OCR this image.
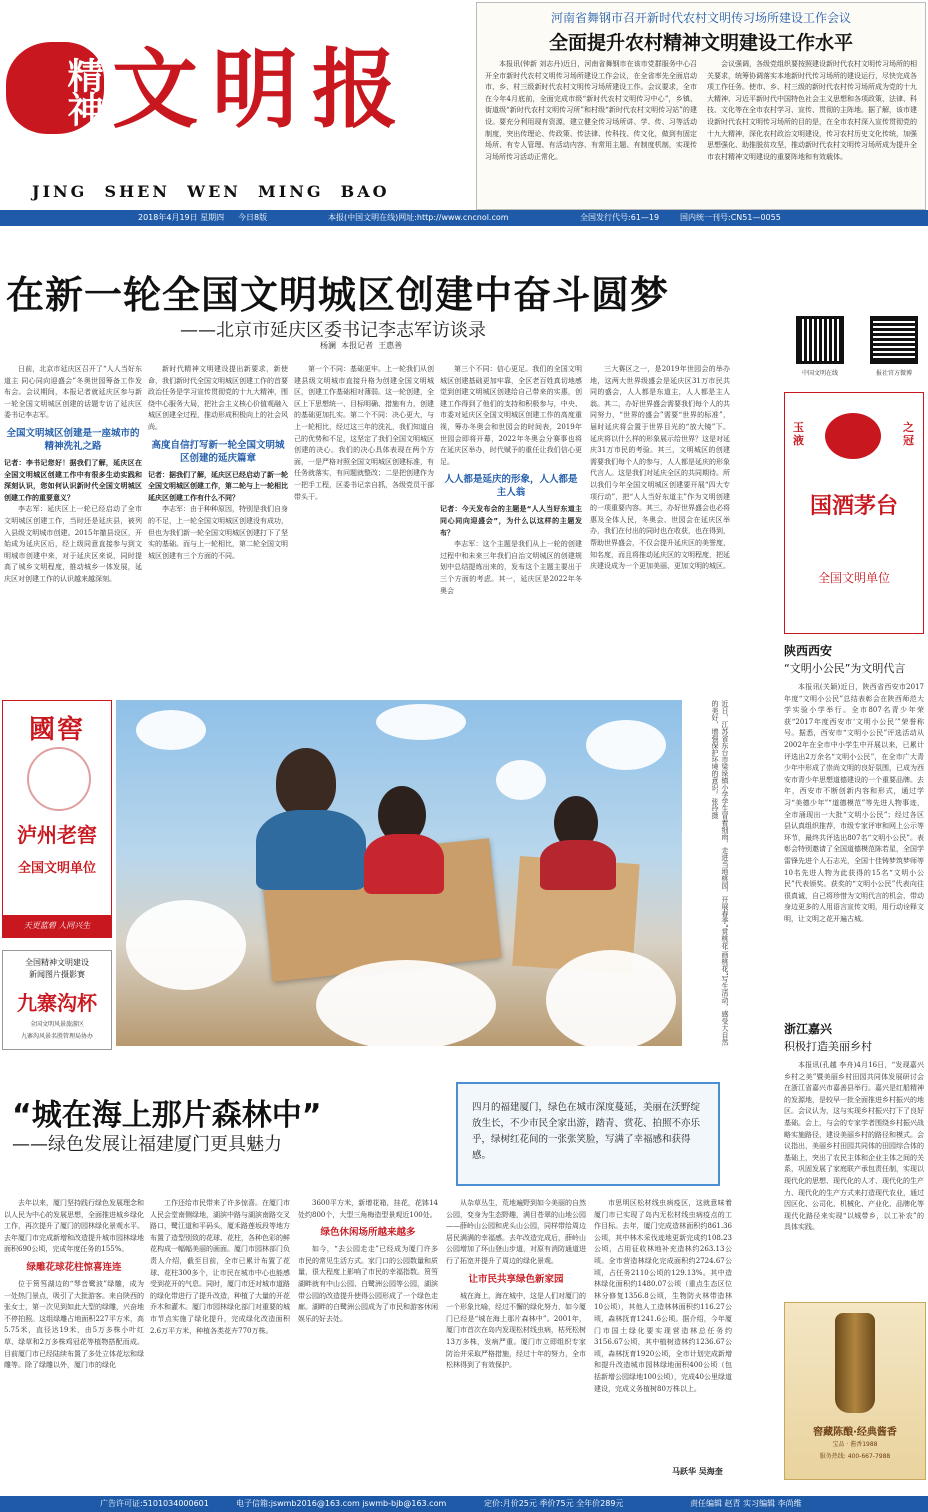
精神 文明报
JING  SHEN  WEN  MING  BAO
河南省舞钢市召开新时代农村文明传习场所建设工作会议
全面提升农村精神文明建设工作水平
本报讯(钟新 刘志丹)近日，河南省舞钢市在该市党群服务中心召开全市新时代农村文明传习场所建设工作会议，在全省率先全面启动市、乡、村三级新时代农村文明传习场所建设工作。会议要求，全市在今年4月底前，全面完成市级“新时代农村文明传习中心”，乡镇、街道级“新时代农村文明传习所”和村级“新时代农村文明传习站”的建设。要充分利用现有资源，建立健全传习场所讲、学、传、习等活动制度，突出传理论、传政策、传法律、传科技、传文化，做到有固定场所、有专人管理、有活动内容、有常用主题、有制度机制，实现传习场所传习活动正常化。
会议强调，各级党组织要按照建设新时代农村文明传习场所的相关要求，统筹协调落实本地新时代传习场所的建设运行，尽快完成各项工作任务。使市、乡、村三级的新时代农村传习场所成为党的十九大精神、习近平新时代中国特色社会主义思想和各项政策、法律、科技、文化等在全市农村学习、宣传、贯彻的主阵地。据了解，该市建设新时代农村文明传习场所的目的是，在全市农村深入宣传贯彻党的十九大精神，深化农村政治文明建设，传习农村历史文化传统，加强思想强化、助推脱贫攻坚，推动新时代农村文明传习场所成为提升全市农村精神文明建设的重要阵地和有效载体。
2018年4月19日 星期四 今日8版	本报(中国文明在线)网址:http://www.cncnol.com	全国发行代号:61—19	国内统一刊号:CN51—0055
在新一轮全国文明城区创建中奋斗圆梦
——北京市延庆区委书记李志军访谈录
杨澜  本报记者  王惠善
中国文明在线	报社官方微博

日前，北京市延庆区召开了“人人当好东道主 同心同向迎盛会”冬奥世园筹备工作发布会。会议期间，本报记者就延庆区参与新一轮全国文明城区创建的话题专访了延庆区委书记李志军。

全国文明城区创建是一座城市的精神洗礼之路
记者：李书记您好！据我们了解，延庆区在全国文明城区创建工作中有很多生动实践和深刻认识，您如何认识新时代全国文明城区创建工作的重要意义？

李志军：延庆区上一轮已经启动了全市文明城区创建工作，当时还是延庆县，被列入县级文明城市创建。2015年撤县设区，开始成为延庆区后，经上级同意直接参与到文明城市创建中来，对于延庆区来说，同时提高了城乡文明程度，推动城乡一体发展，延庆区对创建工作的认识越来越深刻。

新时代精神文明建设提出新要求，新使命，我们新时代全国文明城区创建工作的首要政治任务是学习宣传贯彻党的十九大精神，围绕中心服务大局，把社会主义核心价值观融入城区创建全过程，推动形成积极向上的社会风尚。

高度自信打写新一轮全国文明城区创建的延庆篇章
记者：据我们了解，延庆区已经启动了新一轮全国文明城区创建工作，第二轮与上一轮相比延庆区创建工作有什么不同？

李志军：由于种种原因，特别是我们自身的不足，上一轮全国文明城区创建没有成功，但也为我们新一轮全国文明城区创建打下了坚实的基础。而与上一轮相比，第二轮全国文明城区创建有三个方面的不同。

第一个不同：基础更牢。上一轮我们从创建县级文明城市直接升格为创建全国文明城区，创建工作基础相对薄弱。这一轮创建，全区上下思想统一、目标明确、措施有力，创建的基础更加扎实。第二个不同：决心更大，与上一轮相比，经过这三年的洗礼，我们知道自己的优势和不足，这坚定了我们全国文明城区创建的决心。我们的决心具体表现在两个方面，一是严格对照全国文明城区创建标准，有任务就落实，有问题就整改；二是把创建作为一把手工程，区委书记亲自抓，各级党员干部带头干。

第三个不同：信心更足。我们的全国文明城区创建基础更加牢靠，全区老百姓真切地感觉到创建文明城区创建给自己带来的实惠，创建工作得到了他们的支持和积极参与，中央、市委对延庆区全国文明城区创建工作的高度重视，筹办冬奥会和世园会的时间表，2019年世园会即将开幕，2022年冬奥会分赛事也将在延庆区举办，时代赋予的重任让我们信心更足。

人人都是延庆的形象，人人都是主人翁
记者：今天发布会的主题是“人人当好东道主 同心同向迎盛会”，为什么以这样的主题发布？

李志军：这个主题是我们从上一轮的创建过程中和未来三年我们自治文明城区的创建规划中总结提炼出来的，发布这个主题主要出于三个方面的考虑。其一，延庆区是2022年冬奥会

三大赛区之一，是2019年世园会的举办地，这两大世界级盛会是延庆区31万市民共同的盛会，人人都是东道主，人人都是主人翁。其二，办好世界盛会需要我们每个人的共同努力，“世界的盛会”需要“世界的标准”，届时延庆将会置于世界目光的“放大镜”下。延庆将以什么样的形象展示给世界？这是对延庆31万市民的考验。其三，文明城区的创建需要我们每个人的参与，人人都是延庆的形象代言人。这是我们对延庆全区的共同期待。所以我们今年全国文明城区创建要开展“四大专项行动”，把“人人当好东道主”作为文明创建的一项重要内容。其三，办好世界盛会也必将惠及全体人民，冬奥会、世园会在延庆区举办，我们在付出的同时也在收获，也在得到，帮助世界盛会，不仅会提升延庆区的美誉度，知名度，而且将推动延庆区的文明程度，把延庆建设成为一个更加美丽、更加文明的城区。
玉液
之冠
国酒茅台
全国文明单位
陕西西安
“文明小公民”为文明代言
本报讯(关颖)近日，陕西省西安市2017年度“文明小公民”总结表彰会在陕西师范大学实验小学举行。全市807名青少年荣获“2017年度西安市‘文明小公民’”荣誉称号。据悉，西安市“文明小公民”评选活动从2002年在全市中小学生中开展以来，已累计评选出2万余名“文明小公民”，在全市广大青少年中形成了崇尚文明的良好氛围，已成为西安市青少年思想道德建设的一个重要品牌。去年，西安市不断创新内容和形式，通过学习“美德少年”“道德模范”等先进人物事迹，全市涌现出一大批“文明小公民”；经过各区县认真组织推荐，市级专家评审和网上公示等环节，最终共评选出807名“文明小公民”。表彰会特别邀请了全国道德模范陈若星，全国学雷锋先进个人石志光，全国十佳铸梦筑梦师等10名先进人物为此获得的15名“文明小公民”代表颁奖。获奖的“文明小公民”代表向往很真诚，自己将珍惜为文明代言的机会，带动身边更多的人用语言宣传文明，用行动诠释文明，让文明之花开遍古城。
浙江嘉兴
积极打造美丽乡村
本报讯(孔越 李舟)4月16日，“发现嘉兴乡村之美”暨美丽乡村田园共同体发展研讨会在浙江省嘉兴市嘉善县举行。嘉兴是红船精神的发源地，是较早一批全面推进乡村振兴的地区。会议认为，这与实现乡村振兴打下了良好基础。会上，与会的专家学者围绕乡村振兴战略实施路径，建设美丽乡村的路径和模式。会议指出，美丽乡村田园共同体的田园综合体的基础上，突出了农民主体和企业主体之间的关系，巩固发展了家庭联产承包责任制，实现以现代化的思想、现代化的人才、现代化的生产力、现代化的生产方式来打造现代农业，通过因区化、公司化、机械化、产业化、品牌化等现代化路径来实现“以城带乡，以工补农”的具体实践。
國窖
泸州老窖
全国文明单位
天更蓝碧 人同兴生
全国精神文明建设
新闻图片摄影赛
九寨沟杯
全国文明风景旅游区
九寨沟风景名胜管理局协办	近日，江苏省东台市梁垛镇小学学生冒着细雨，走进当地桃园，开展春季“赏桃花·画桃花”写生活动，感受大自然的美好，增强保护环境的意识。张玲摄
“城在海上那片森林中”
——绿色发展让福建厦门更具魅力
四月的福建厦门，绿色在城市深度蔓延，美丽在沃野绽放生长，不少市民全家出游，踏青、赏花、拍照不亦乐乎，绿树红花间的一张张笑脸，写满了幸福感和获得感。

去年以来，厦门坚持践行绿色发展理念和以人民为中心的发展思想，全面推进城乡绿化工作，再次提升了厦门的园林绿化景观水平。去年厦门市完成新增和改造提升城市园林绿地面积690公顷，完成年度任务的155%。

绿雕花球花柱惊喜连连

位于筼筜湖边的“琴音鹭波”绿雕，成为一处热门景点，吸引了大批游客。来自陕西的张女士，第一次见到如此大型的绿雕，兴奋地不停拍照。这组绿雕占地面积227平方米，高5.75米，直径达19米，由5万多株小叶红草、绿草和2万多株鸡冠花等植物搭配而成。目前厦门市已经陆续布置了多处立体花坛和绿雕等。除了绿雕以外，厦门市的绿化

工作还给市民带来了许多惊喜。在厦门市人民会堂南侧绿地，湖滨中路与湖滨南路交叉路口，鹭江道和平码头，厦禾路莲坂段等地方布置了造型别致的花球、花柱，各种色彩的鲜花构成一幅幅美丽的画面。厦门市园林部门负责人介绍，截至目前，全市已累计布置了花球、花柱300多个，让市民在城市中心也能感受到花开的气息。同时，厦门市还对城市道路的绿化带进行了提升改造，种植了大量的开花乔木和灌木。厦门市园林绿化部门对重要的城市节点实施了绿化提升，完成绿化改造面积2.6万平方米，种植各类花卉770万株。

3600平方米，新增花箱，挂花，花钵14处约800个，大型三角梅造型景观近100处。

绿色休闲场所越来越多

如今，“去公园走走”已经成为厦门许多市民的常见生活方式。家门口的公园数量和质量，很大程度上影响了市民的幸福指数。筼筜湖畔就有中山公园、白鹭洲公园等公园，湖滨带公园的改造提升使得公园形成了一个绿色走廊。湖畔的白鹭洲公园成为了市民和游客休闲娱乐的好去处。

从杂草丛生，荒地遍野到如今美丽的自然公园，变身为生态野趣，满目苍翠的山地公园——薛岭山公园和虎头山公园，同样带给周边居民满满的幸福感。去年改造完成后，薛岭山公园增加了环山登山步道，对原有消防通道进行了拓宽并提升了周边的绿化景观。

让市民共享绿色新家园

城在海上，海在城中，这是人们对厦门的一个形象比喻，经过不懈的绿化努力，如今厦门已经是“城在海上那片森林中”。2001年，厦门市首次在岛内发现松材线虫病，枯死松树13万多株，发病严重。厦门市立即组织专家防治并采取严格措施，经过十年的努力，全市松林得到了有效保护。

市思明区松材线虫病疫区，这就意味着厦门市已实现了岛内无松材线虫病疫点的工作目标。去年，厦门完成造林面积约861.36公顷，其中林木采伐迹地更新完成约108.23公顷，占用征收林地补充造林约263.13公顷。全市营造林绿化完成面积约2724.67公顷，占任务2110公顷的129.13%。其中造林绿化面积约1480.07公顷（重点生态区位林分修复1356.8公顷，生物防火林带造林10公顷），其他人工造林林面积约116.27公顷，森林抚育1241.6公顷。据介绍，今年厦门市国土绿化要实现营造林总任务约3156.67公顷，其中植树造林约1236.67公顷，森林抚育1920公顷，全市计划完成新增和提升改造城市园林绿地面积400公顷（包括新增公园绿地100公顷），完成40公里绿道建设，完成义务植树80万株以上。
马跃华 吴海奎
窖藏陈酿·经典酱香
宝品 · 酱香1988
服务热线: 400-667-7988
广告许可证:5101034000601	电子信箱:jswmb2016@163.com jswmb-bjb@163.com	定价:月价25元 季价75元 全年价289元	责任编辑 赵青 实习编辑 李尚维
